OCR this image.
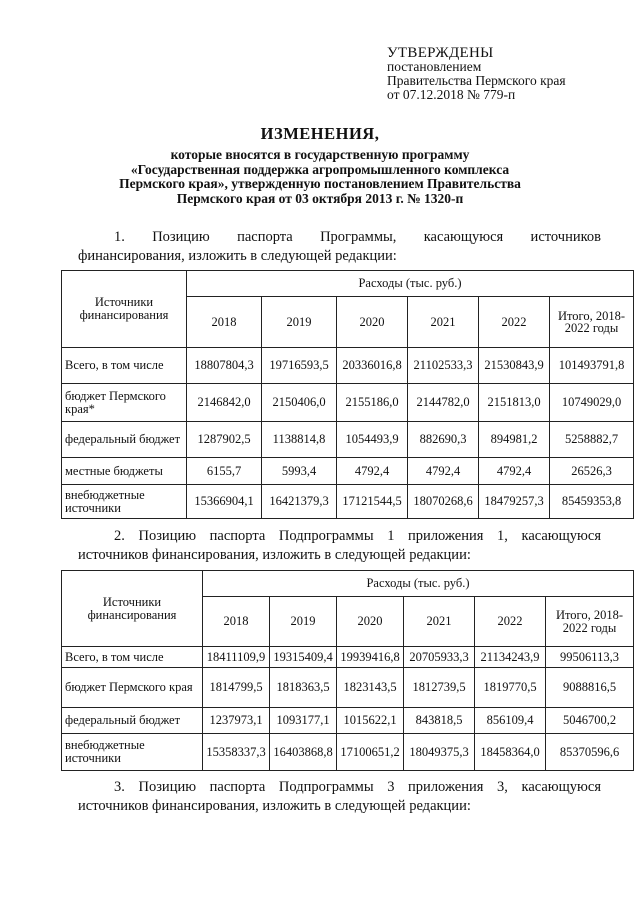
УТВЕРЖДЕНЫ
постановлением
Правительства Пермского края
от 07.12.2018 № 779-п
ИЗМЕНЕНИЯ,
которые вносятся в государственную программу
«Государственная поддержка агропромышленного комплекса
Пермского края», утвержденную постановлением Правительства
Пермского края от 03 октября 2013 г. № 1320-п
1. Позицию паспорта Программы, касающуюся источников
финансирования, изложить в следующей редакции:
Источники финансирования	Расходы (тыс. руб.)					
	2018	2019	2020	2021	2022	Итого, 2018-2022 годы
Всего, в том числе	18807804,3	19716593,5	20336016,8	21102533,3	21530843,9	101493791,8
бюджет Пермского края*	2146842,0	2150406,0	2155186,0	2144782,0	2151813,0	10749029,0
федеральный бюджет	1287902,5	1138814,8	1054493,9	882690,3	894981,2	5258882,7
местные бюджеты	6155,7	5993,4	4792,4	4792,4	4792,4	26526,3
внебюджетные источники	15366904,1	16421379,3	17121544,5	18070268,6	18479257,3	85459353,8
2. Позицию паспорта Подпрограммы 1 приложения 1, касающуюся
источников финансирования, изложить в следующей редакции:
Источники финансирования	Расходы (тыс. руб.)					
	2018	2019	2020	2021	2022	Итого, 2018-2022 годы
Всего, в том числе	18411109,9	19315409,4	19939416,8	20705933,3	21134243,9	99506113,3
бюджет Пермского края	1814799,5	1818363,5	1823143,5	1812739,5	1819770,5	9088816,5
федеральный бюджет	1237973,1	1093177,1	1015622,1	843818,5	856109,4	5046700,2
внебюджетные источники	15358337,3	16403868,8	17100651,2	18049375,3	18458364,0	85370596,6
3. Позицию паспорта Подпрограммы 3 приложения 3, касающуюся
источников финансирования, изложить в следующей редакции:
